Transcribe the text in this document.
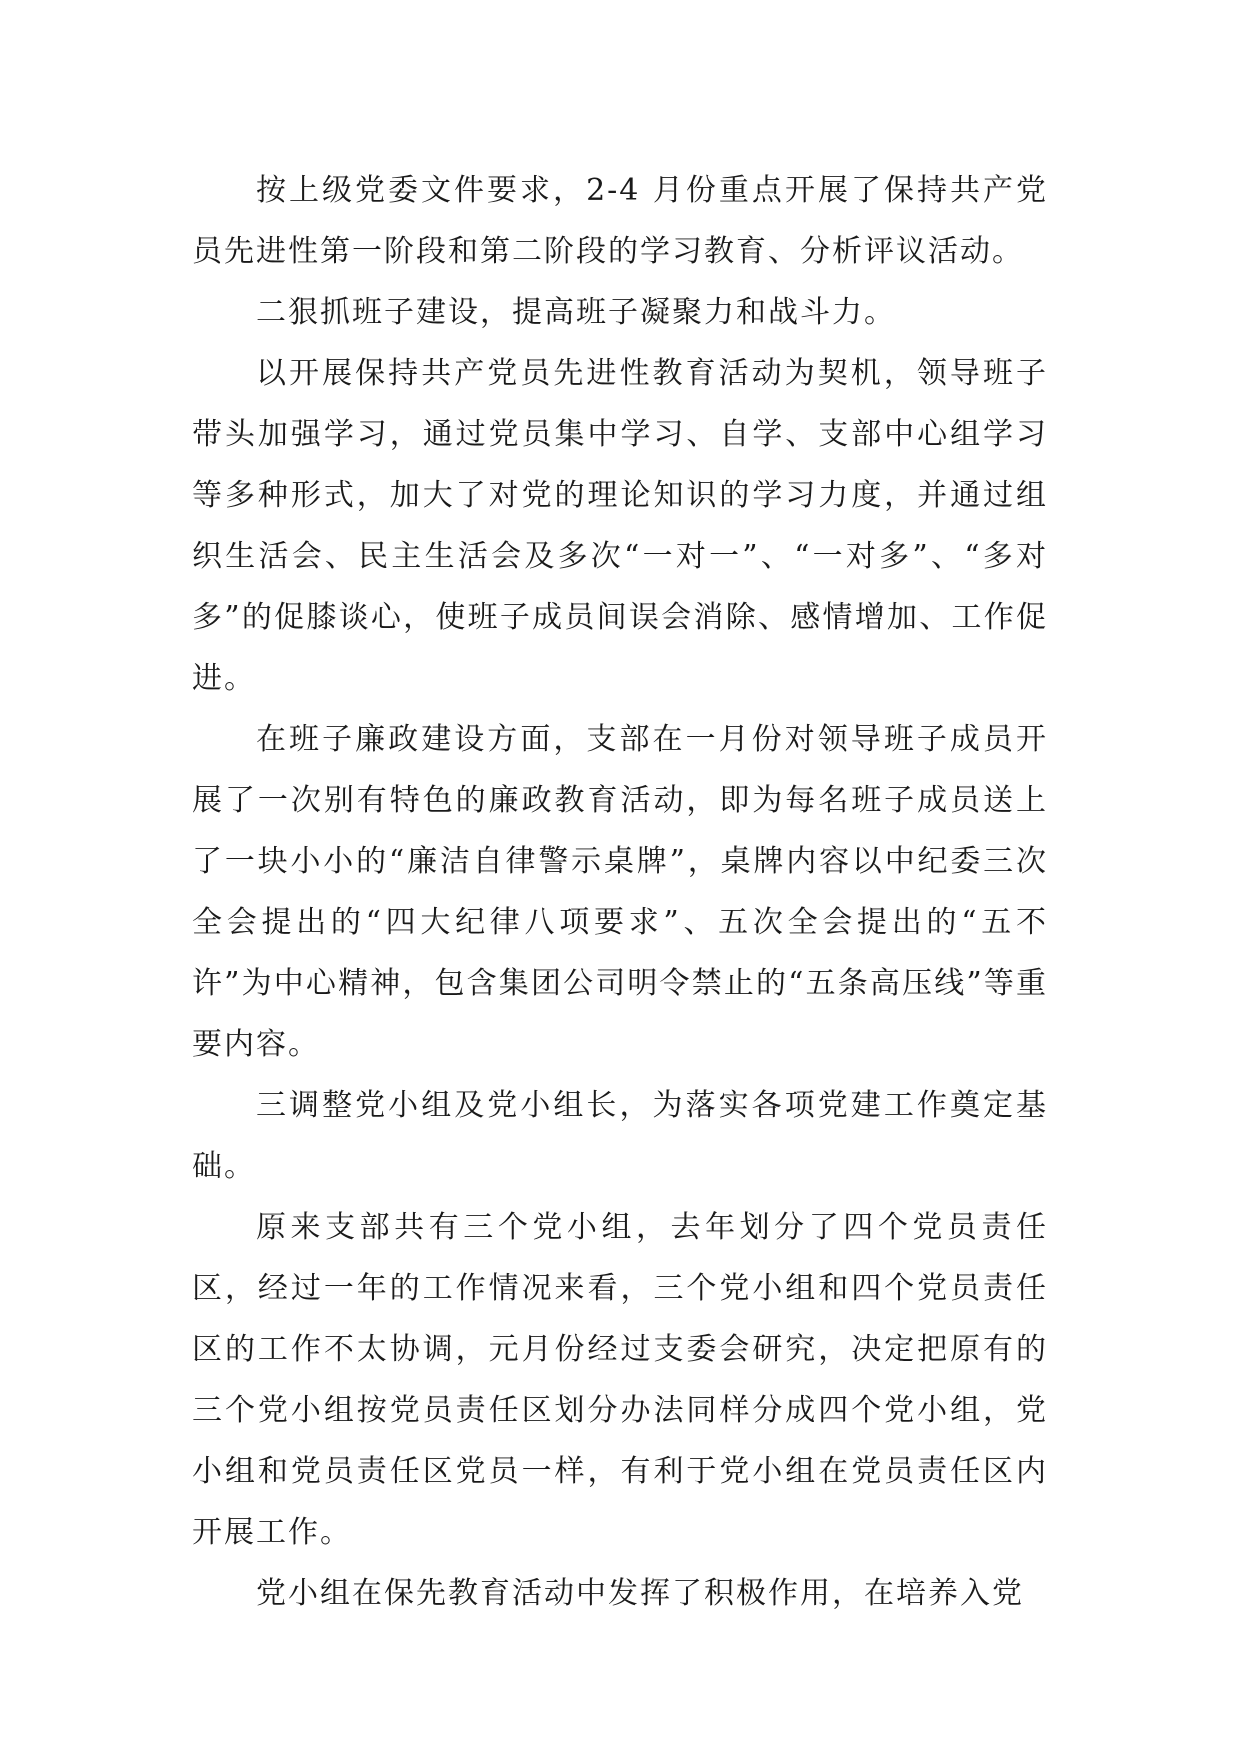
按上级党委文件要求，2-4 月份重点开展了保持共产党员先进性第一阶段和第二阶段的学习教育、分析评议活动。

二狠抓班子建设，提高班子凝聚力和战斗力。

以开展保持共产党员先进性教育活动为契机，领导班子带头加强学习，通过党员集中学习、自学、支部中心组学习等多种形式，加大了对党的理论知识的学习力度，并通过组织生活会、民主生活会及多次“一对一”、“一对多”、“多对多”的促膝谈心，使班子成员间误会消除、感情增加、工作促进。

在班子廉政建设方面，支部在一月份对领导班子成员开展了一次别有特色的廉政教育活动，即为每名班子成员送上了一块小小的“廉洁自律警示桌牌”，桌牌内容以中纪委三次全会提出的“四大纪律八项要求”、五次全会提出的“五不许”为中心精神，包含集团公司明令禁止的“五条高压线”等重要内容。

三调整党小组及党小组长，为落实各项党建工作奠定基础。

原来支部共有三个党小组，去年划分了四个党员责任区，经过一年的工作情况来看，三个党小组和四个党员责任区的工作不太协调，元月份经过支委会研究，决定把原有的三个党小组按党员责任区划分办法同样分成四个党小组，党小组和党员责任区党员一样，有利于党小组在党员责任区内开展工作。

党小组在保先教育活动中发挥了积极作用，在培养入党
